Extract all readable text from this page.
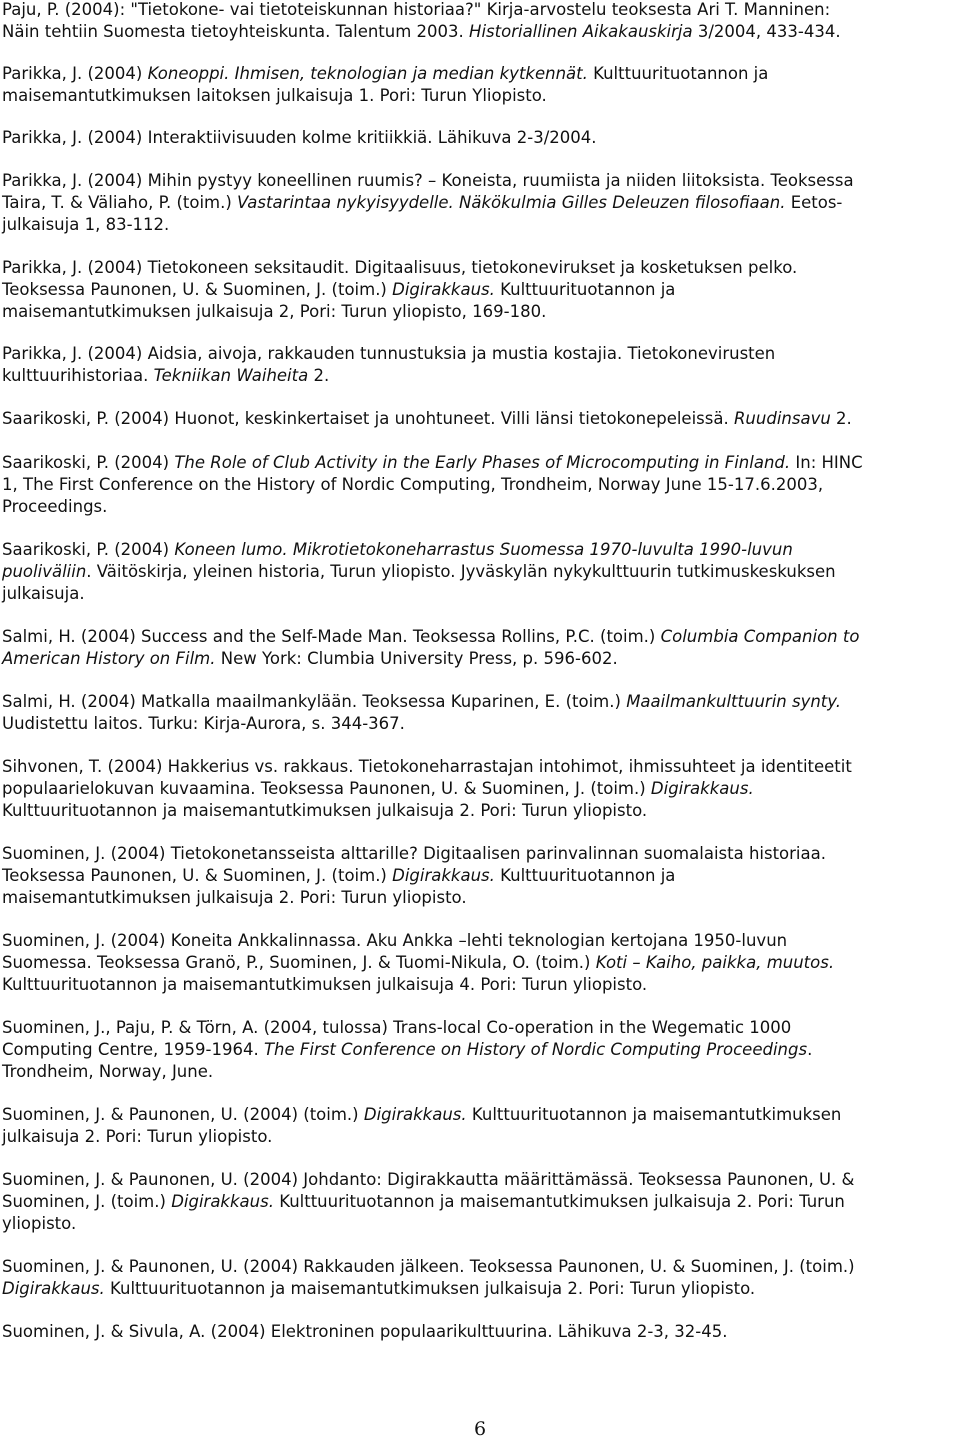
Paju, P. (2004): "Tietokone- vai tietoteiskunnan historiaa?" Kirja-arvostelu teoksesta Ari T. Manninen:

Näin tehtiin Suomesta tietoyhteiskunta. Talentum 2003. Historiallinen Aikakauskirja 3/2004, 433-434.

Parikka, J. (2004) Koneoppi. Ihmisen, teknologian ja median kytkennät. Kulttuurituotannon ja

maisemantutkimuksen laitoksen julkaisuja 1. Pori: Turun Yliopisto.

Parikka, J. (2004) Interaktiivisuuden kolme kritiikkiä. Lähikuva 2-3/2004.

Parikka, J. (2004) Mihin pystyy koneellinen ruumis? – Koneista, ruumiista ja niiden liitoksista. Teoksessa

Taira, T. & Väliaho, P. (toim.) Vastarintaa nykyisyydelle. Näkökulmia Gilles Deleuzen filosofiaan. Eetos-

julkaisuja 1, 83-112.

Parikka, J. (2004) Tietokoneen seksitaudit. Digitaalisuus, tietokonevirukset ja kosketuksen pelko.

Teoksessa Paunonen, U. & Suominen, J. (toim.) Digirakkaus. Kulttuurituotannon ja

maisemantutkimuksen julkaisuja 2, Pori: Turun yliopisto, 169-180.

Parikka, J. (2004) Aidsia, aivoja, rakkauden tunnustuksia ja mustia kostajia. Tietokonevirusten

kulttuurihistoriaa. Tekniikan Waiheita 2.

Saarikoski, P. (2004) Huonot, keskinkertaiset ja unohtuneet. Villi länsi tietokonepeleissä. Ruudinsavu 2.

Saarikoski, P. (2004) The Role of Club Activity in the Early Phases of Microcomputing in Finland. In: HINC

1, The First Conference on the History of Nordic Computing, Trondheim, Norway June 15-17.6.2003,

Proceedings.

Saarikoski, P. (2004) Koneen lumo. Mikrotietokoneharrastus Suomessa 1970-luvulta 1990-luvun

puoliväliin. Väitöskirja, yleinen historia, Turun yliopisto. Jyväskylän nykykulttuurin tutkimuskeskuksen

julkaisuja.

Salmi, H. (2004) Success and the Self-Made Man. Teoksessa Rollins, P.C. (toim.) Columbia Companion to

American History on Film. New York: Clumbia University Press, p. 596-602.

Salmi, H. (2004) Matkalla maailmankylään. Teoksessa Kuparinen, E. (toim.) Maailmankulttuurin synty.

Uudistettu laitos. Turku: Kirja-Aurora, s. 344-367.

Sihvonen, T. (2004) Hakkerius vs. rakkaus. Tietokoneharrastajan intohimot, ihmissuhteet ja identiteetit

populaarielokuvan kuvaamina. Teoksessa Paunonen, U. & Suominen, J. (toim.) Digirakkaus.

Kulttuurituotannon ja maisemantutkimuksen julkaisuja 2. Pori: Turun yliopisto.

Suominen, J. (2004) Tietokonetansseista alttarille? Digitaalisen parinvalinnan suomalaista historiaa.

Teoksessa Paunonen, U. & Suominen, J. (toim.) Digirakkaus. Kulttuurituotannon ja

maisemantutkimuksen julkaisuja 2. Pori: Turun yliopisto.

Suominen, J. (2004) Koneita Ankkalinnassa. Aku Ankka –lehti teknologian kertojana 1950-luvun

Suomessa. Teoksessa Granö, P., Suominen, J. & Tuomi-Nikula, O. (toim.) Koti – Kaiho, paikka, muutos.

Kulttuurituotannon ja maisemantutkimuksen julkaisuja 4. Pori: Turun yliopisto.

Suominen, J., Paju, P. & Törn, A. (2004, tulossa) Trans-local Co-operation in the Wegematic 1000

Computing Centre, 1959-1964. The First Conference on History of Nordic Computing Proceedings.

Trondheim, Norway, June.

Suominen, J. & Paunonen, U. (2004) (toim.) Digirakkaus. Kulttuurituotannon ja maisemantutkimuksen

julkaisuja 2. Pori: Turun yliopisto.

Suominen, J. & Paunonen, U. (2004) Johdanto: Digirakkautta määrittämässä. Teoksessa Paunonen, U. &

Suominen, J. (toim.) Digirakkaus. Kulttuurituotannon ja maisemantutkimuksen julkaisuja 2. Pori: Turun

yliopisto.

Suominen, J. & Paunonen, U. (2004) Rakkauden jälkeen. Teoksessa Paunonen, U. & Suominen, J. (toim.)

Digirakkaus. Kulttuurituotannon ja maisemantutkimuksen julkaisuja 2. Pori: Turun yliopisto.

Suominen, J. & Sivula, A. (2004) Elektroninen populaarikulttuurina. Lähikuva 2-3, 32-45.

6
